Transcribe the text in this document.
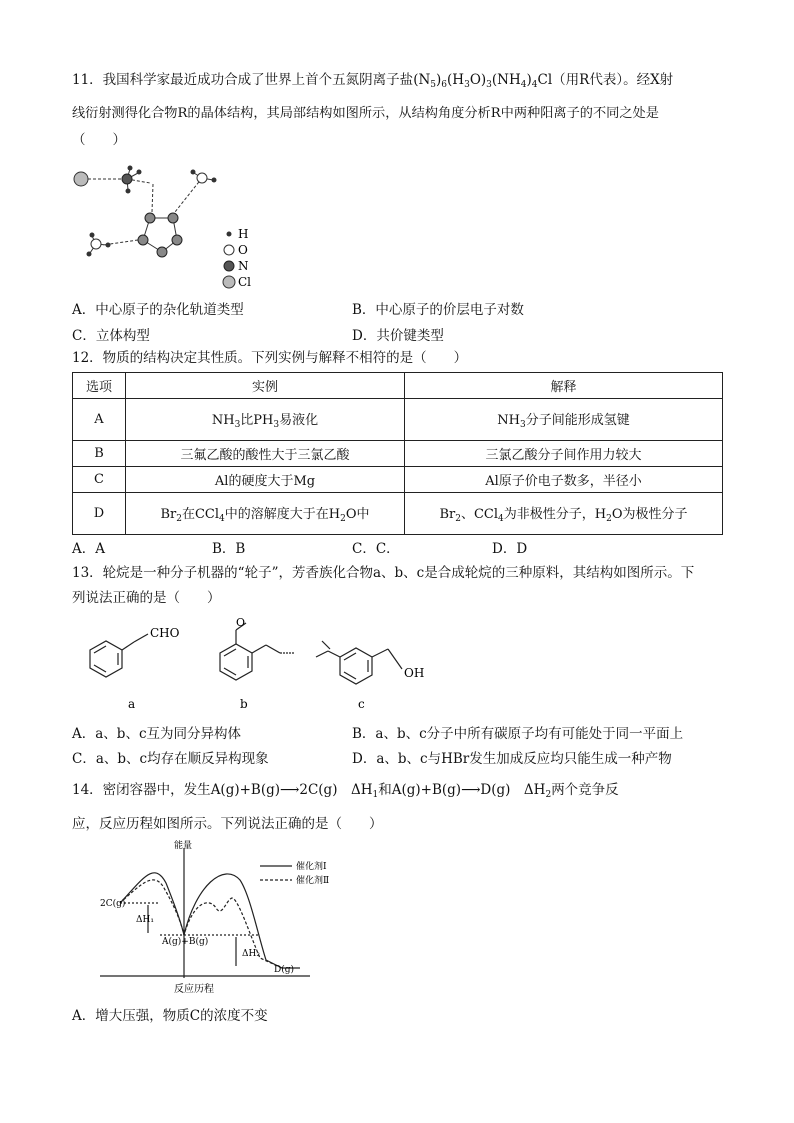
11．我国科学家最近成功合成了世界上首个五氮阴离子盐$(N_5)_6(H_3O)_3(NH_4)_4Cl$（用R代表）。经X射
线衍射测得化合物R的晶体结构，其局部结构如图所示，从结构角度分析R中两种阳离子的不同之处是
（　　）
H
O
N
Cl
A．中心原子的杂化轨道类型	B．中心原子的价层电子对数
C．立体构型	D．共价键类型
12．物质的结构决定其性质。下列实例与解释不相符的是（　　）
选项	实例	解释
A	$NH_3$比$PH_3$易液化	$NH_3$分子间能形成氢键
B	三氟乙酸的酸性大于三氯乙酸	三氯乙酸分子间作用力较大
C	Al的硬度大于Mg	Al原子价电子数多，半径小
D	$Br_2$在CCl$_4$中的溶解度大于在$H_2O$中	$Br_2$、CCl$_4$为非极性分子，$H_2O$为极性分子
A．A	B．B	C．C．	D．D
13．轮烷是一种分子机器的“轮子”，芳香族化合物a、b、c是合成轮烷的三种原料，其结构如图所示。下
列说法正确的是（　　）
CHO
O
OH
a	b	c
A．a、b、c互为同分异构体	B．a、b、c分子中所有碳原子均有可能处于同一平面上
C．a、b、c均存在顺反异构现象	D．a、b、c与HBr发生加成反应均只能生成一种产物
14．密闭容器中，发生A(g)+B(g)⟶2C(g)　$\Delta H_1$和A(g)+B(g)⟶D(g)　$\Delta H_2$两个竞争反
应，反应历程如图所示。下列说法正确的是（　　）
能量
催化剂Ⅰ
催化剂Ⅱ
2C(g)
ΔH₁
A(g)+B(g)
ΔH₂
D(g)
反应历程
A．增大压强，物质C的浓度不变
